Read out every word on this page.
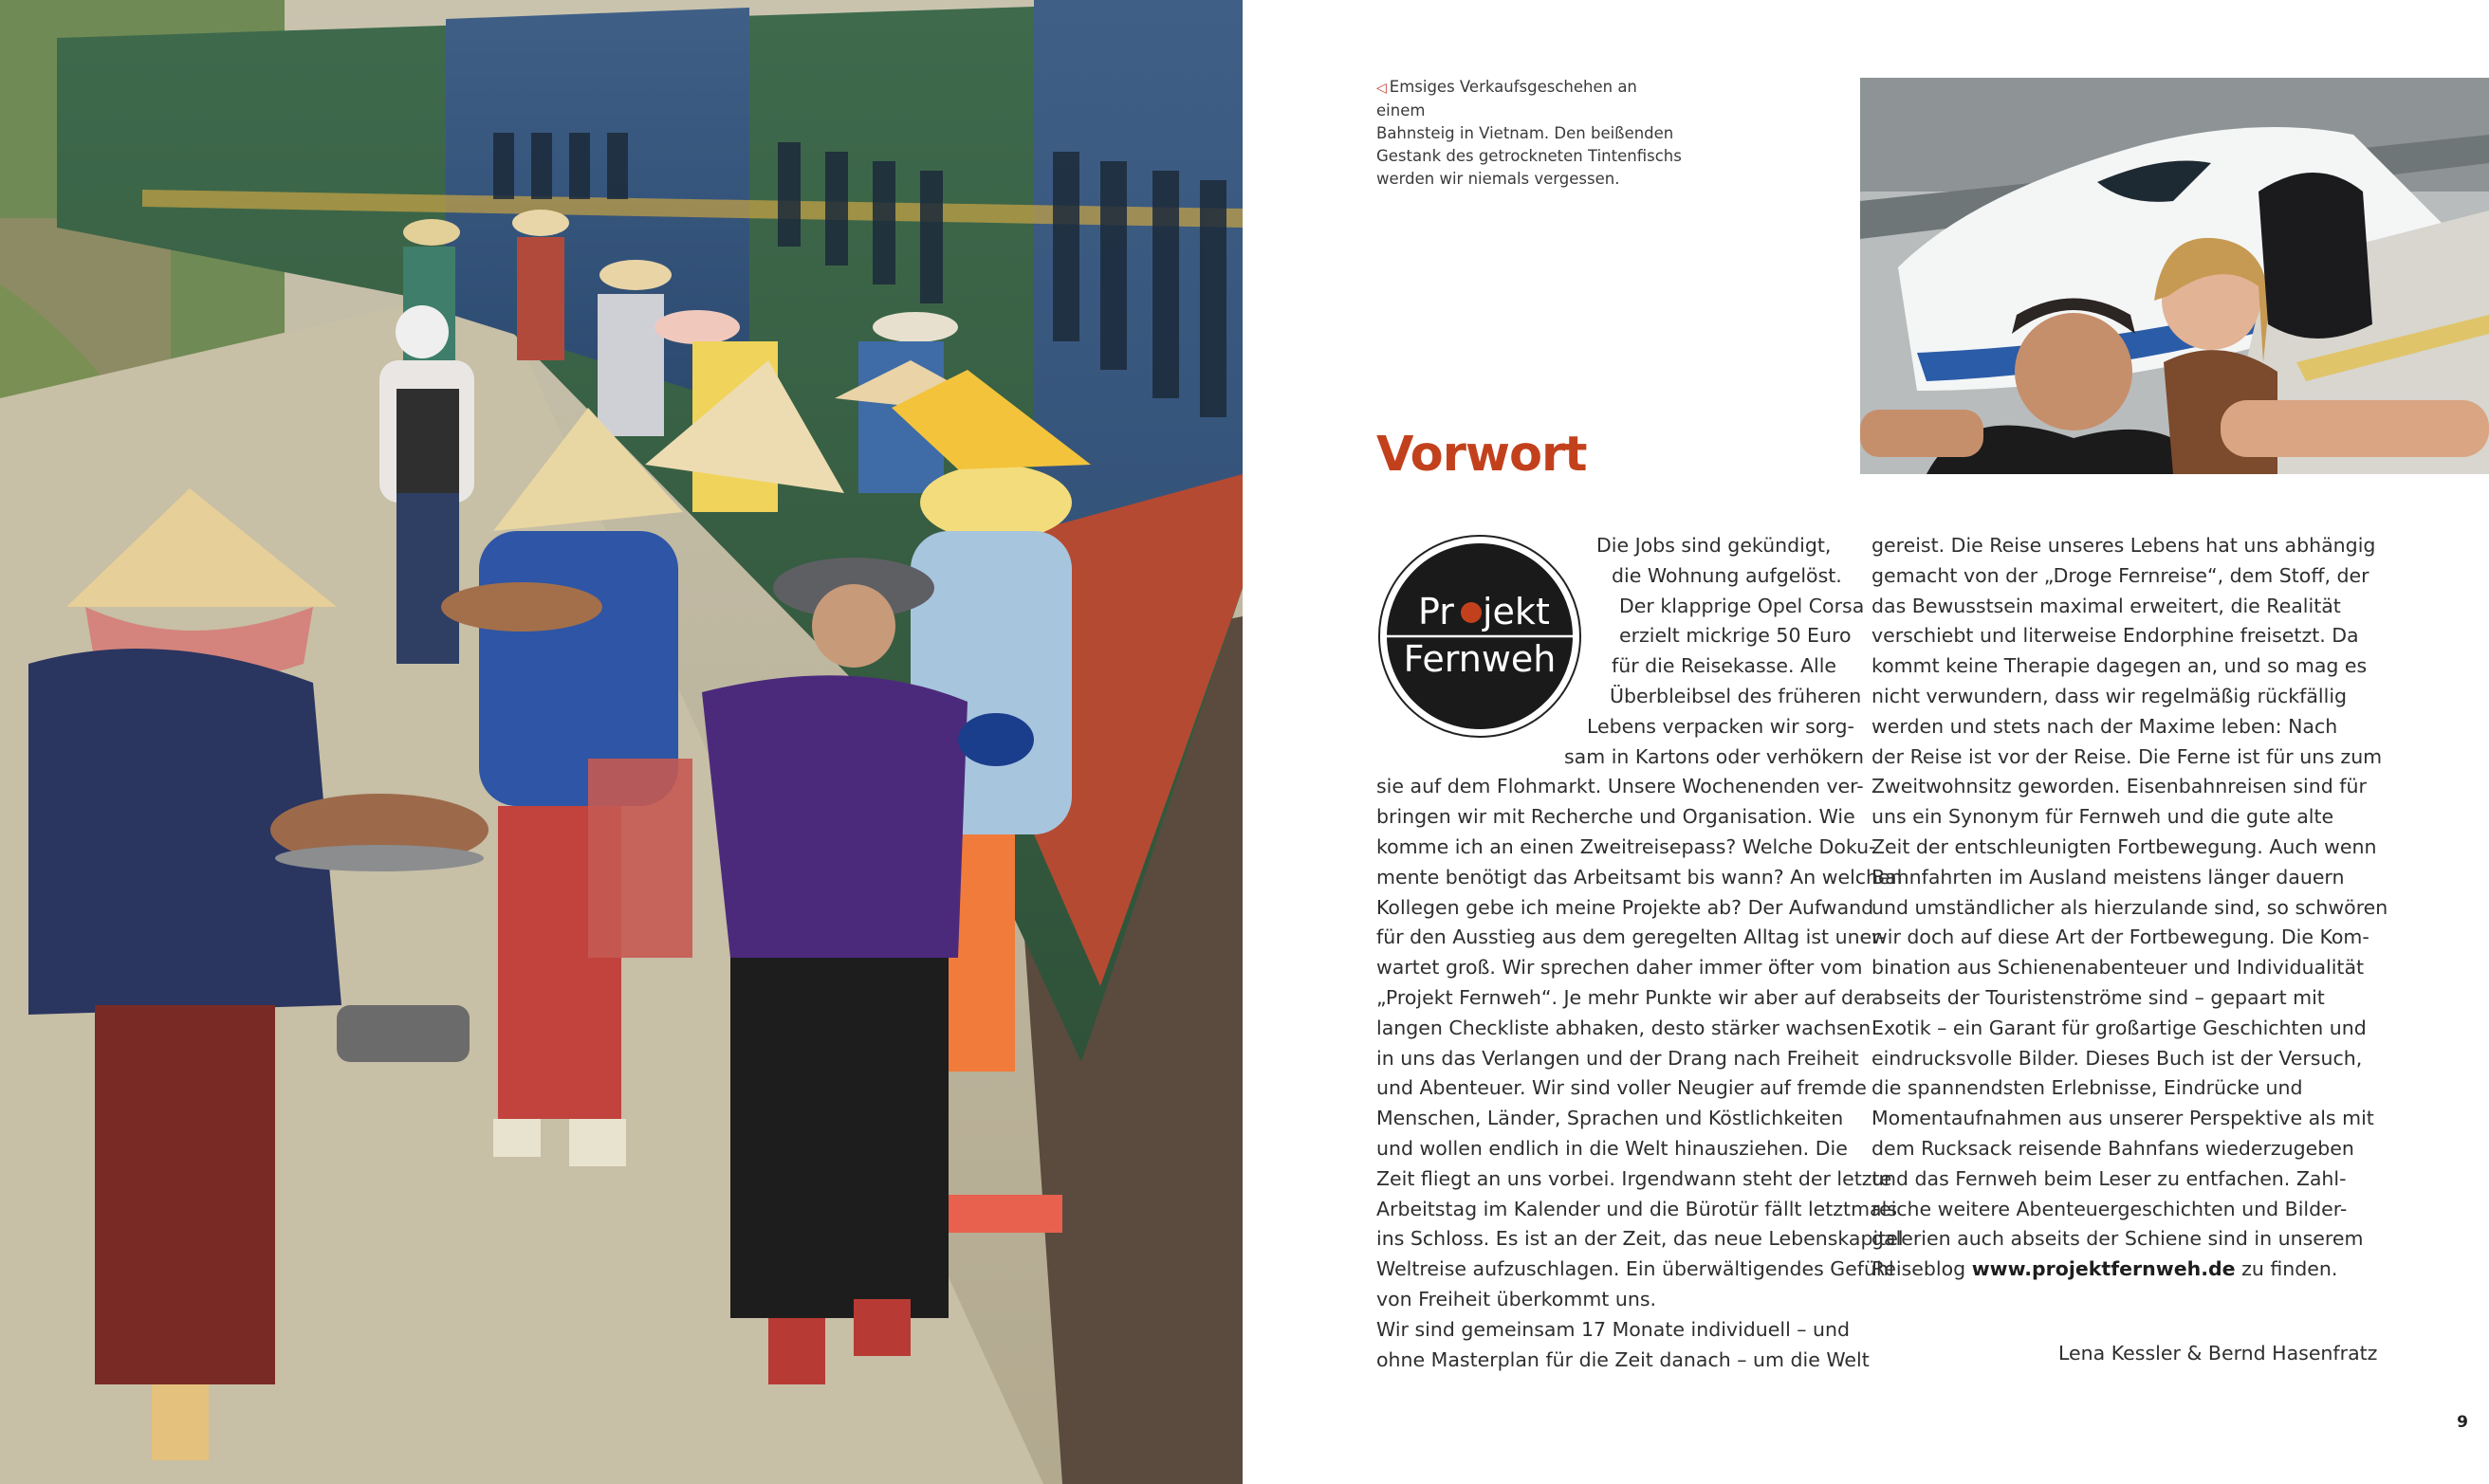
◁ Emsiges Verkaufsgeschehen an einem
Bahnsteig in Vietnam. Den beißenden
Gestank des getrockneten Tintenfischs
werden wir niemals vergessen.
Vorwort
Pr jekt
Fernweh
Die Jobs sind gekündigt,
die Wohnung aufgelöst.
Der klapprige Opel Corsa
erzielt mickrige 50 Euro
für die Reisekasse. Alle
Überbleibsel des früheren
Lebens verpacken wir sorg-
sam in Kartons oder verhökern
sie auf dem Flohmarkt. Unsere Wochenenden ver-
bringen wir mit Recherche und Organisation. Wie
komme ich an einen Zweitreisepass? Welche Doku-
mente benötigt das Arbeitsamt bis wann? An welchen
Kollegen gebe ich meine Projekte ab? Der Aufwand
für den Ausstieg aus dem geregelten Alltag ist uner-
wartet groß. Wir sprechen daher immer öfter vom
„Projekt Fernweh“. Je mehr Punkte wir aber auf der
langen Checkliste abhaken, desto stärker wachsen
in uns das Verlangen und der Drang nach Freiheit
und Abenteuer. Wir sind voller Neugier auf fremde
Menschen, Länder, Sprachen und Köstlichkeiten
und wollen endlich in die Welt hinausziehen. Die
Zeit fliegt an uns vorbei. Irgendwann steht der letzte
Arbeitstag im Kalender und die Bürotür fällt letztmals
ins Schloss. Es ist an der Zeit, das neue Lebenskapitel
Weltreise aufzuschlagen. Ein überwältigendes Gefühl
von Freiheit überkommt uns.
Wir sind gemeinsam 17 Monate individuell – und
ohne Masterplan für die Zeit danach – um die Welt
gereist. Die Reise unseres Lebens hat uns abhängig
gemacht von der „Droge Fernreise“, dem Stoff, der
das Bewusstsein maximal erweitert, die Realität
verschiebt und literweise Endorphine freisetzt. Da
kommt keine Therapie dagegen an, und so mag es
nicht verwundern, dass wir regelmäßig rückfällig
werden und stets nach der Maxime leben: Nach
der Reise ist vor der Reise. Die Ferne ist für uns zum
Zweitwohnsitz geworden. Eisenbahnreisen sind für
uns ein Synonym für Fernweh und die gute alte
Zeit der entschleunigten Fortbewegung. Auch wenn
Bahnfahrten im Ausland meistens länger dauern
und umständlicher als hierzulande sind, so schwören
wir doch auf diese Art der Fortbewegung. Die Kom-
bination aus Schienenabenteuer und Individualität
abseits der Touristenströme sind – gepaart mit
Exotik – ein Garant für großartige Geschichten und
eindrucksvolle Bilder. Dieses Buch ist der Versuch,
die spannendsten Erlebnisse, Eindrücke und
Momentaufnahmen aus unserer Perspektive als mit
dem Rucksack reisende Bahnfans wiederzugeben
und das Fernweh beim Leser zu entfachen. Zahl-
reiche weitere Abenteuergeschichten und Bilder-
galerien auch abseits der Schiene sind in unserem
Reiseblog www.projektfernweh.de zu finden.
Lena Kessler & Bernd Hasenfratz
9
